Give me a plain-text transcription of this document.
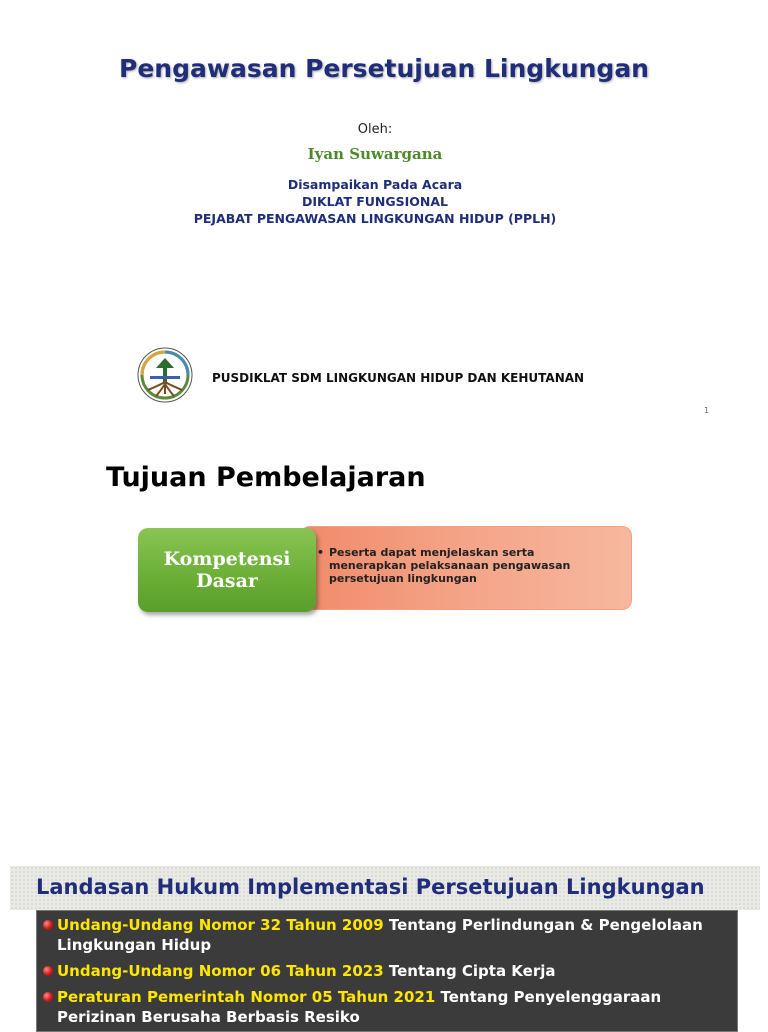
Pengawasan Persetujuan Lingkungan
Oleh:
Iyan Suwargana
Disampaikan Pada Acara
DIKLAT FUNGSIONAL
PEJABAT PENGAWASAN LINGKUNGAN HIDUP (PPLH)
PUSDIKLAT SDM LINGKUNGAN HIDUP DAN KEHUTANAN
1
Tujuan Pembelajaran
• Peserta dapat menjelaskan serta menerapkan pelaksanaan pengawasan persetujuan lingkungan
Kompetensi
Dasar
Landasan Hukum Implementasi Persetujuan Lingkungan
Undang-Undang Nomor 32 Tahun 2009 Tentang Perlindungan & Pengelolaan Lingkungan Hidup
Undang-Undang Nomor 06 Tahun 2023 Tentang Cipta Kerja
Peraturan Pemerintah Nomor 05 Tahun 2021 Tentang Penyelenggaraan Perizinan Berusaha Berbasis Resiko
